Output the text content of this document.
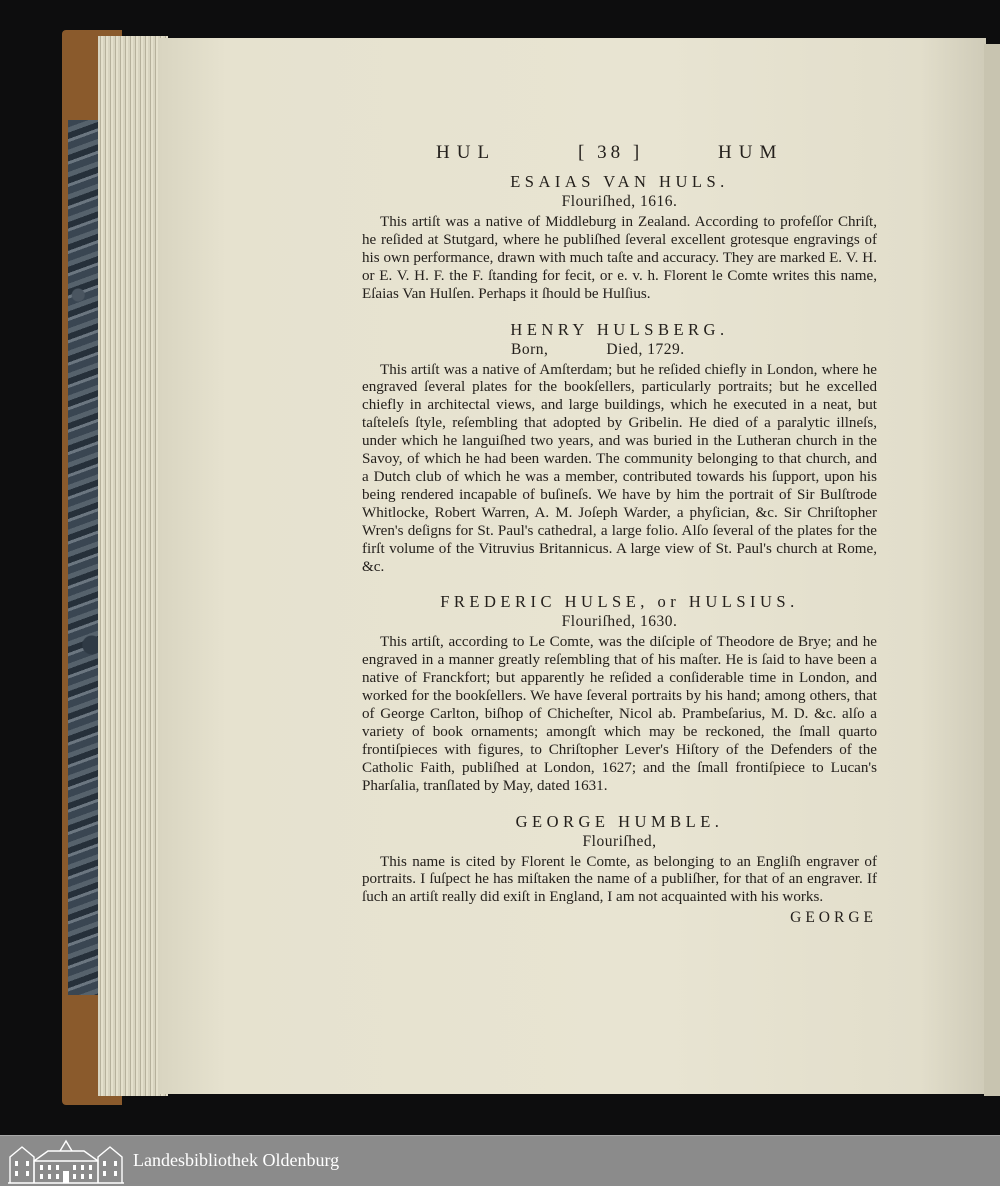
HUL	[ 38 ]	HUM
ESAIAS VAN HULS.
Flouriſhed, 1616.

This artiſt was a native of Middleburg in Zealand. According to profeſſor Chriſt, he reſided at Stutgard, where he publiſhed ſeveral excellent grotesque engravings of his own performance, drawn with much taſte and accuracy. They are marked E. V. H. or E. V. H. F. the F. ſtanding for fecit, or e. v. h. Florent le Comte writes this name, Eſaias Van Hulſen. Perhaps it ſhould be Hulſius.

HENRY HULSBERG.
Born,	Died, 1729.

This artiſt was a native of Amſterdam; but he reſided chiefly in London, where he engraved ſeveral plates for the bookſellers, particularly portraits; but he excelled chiefly in architectal views, and large buildings, which he executed in a neat, but taſteleſs ſtyle, reſembling that adopted by Gribelin. He died of a paralytic illneſs, under which he languiſhed two years, and was buried in the Lutheran church in the Savoy, of which he had been warden. The community belonging to that church, and a Dutch club of which he was a member, contributed towards his ſupport, upon his being rendered incapable of buſineſs. We have by him the portrait of Sir Bulſtrode Whitlocke, Robert Warren, A. M. Joſeph Warder, a phyſician, &c. Sir Chriſtopher Wren's deſigns for St. Paul's cathedral, a large folio. Alſo ſeveral of the plates for the firſt volume of the Vitruvius Britannicus. A large view of St. Paul's church at Rome, &c.

FREDERIC HULSE, or HULSIUS.
Flouriſhed, 1630.

This artiſt, according to Le Comte, was the diſciple of Theodore de Brye; and he engraved in a manner greatly reſembling that of his maſter. He is ſaid to have been a native of Franckfort; but apparently he reſided a conſiderable time in London, and worked for the bookſellers. We have ſeveral portraits by his hand; among others, that of George Carlton, biſhop of Chicheſter, Nicol ab. Prambeſarius, M. D. &c. alſo a variety of book ornaments; amongſt which may be reckoned, the ſmall quarto frontiſpieces with figures, to Chriſtopher Lever's Hiſtory of the Defenders of the Catholic Faith, publiſhed at London, 1627; and the ſmall frontiſpiece to Lucan's Pharſalia, tranſlated by May, dated 1631.

GEORGE HUMBLE.
Flouriſhed,

This name is cited by Florent le Comte, as belonging to an Engliſh engraver of portraits. I ſuſpect he has miſtaken the name of a publiſher, for that of an engraver. If ſuch an artiſt really did exiſt in England, I am not acquainted with his works.

GEORGE
Landesbibliothek Oldenburg
